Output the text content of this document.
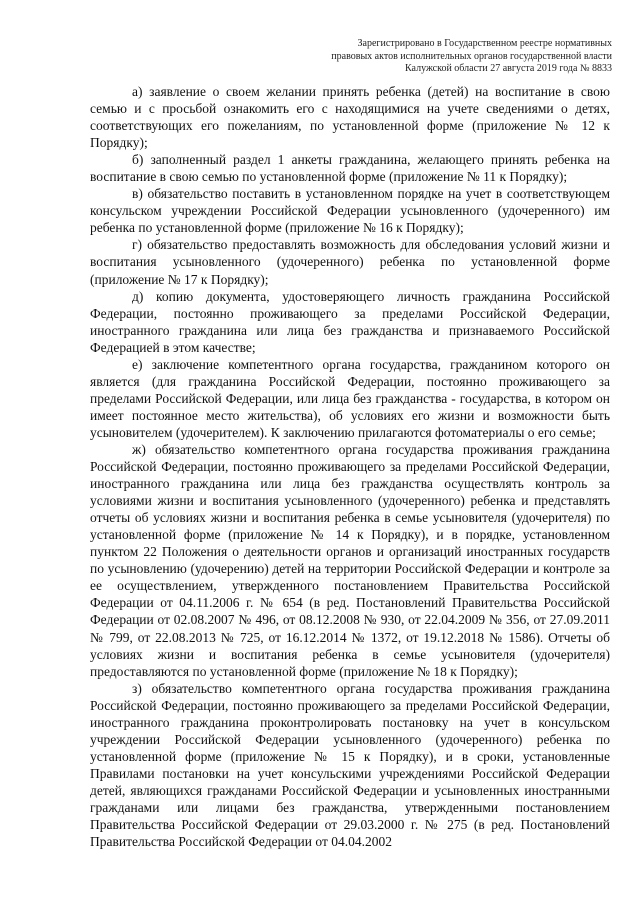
Зарегистрировано в Государственном реестре нормативных
правовых актов исполнительных органов государственной власти
Калужской области 27 августа 2019 года № 8833

а) заявление о своем желании принять ребенка (детей) на воспитание в свою семью и с просьбой ознакомить его с находящимися на учете сведениями о детях, соответствующих его пожеланиям, по установленной форме (приложение № 12 к Порядку);

б) заполненный раздел 1 анкеты гражданина, желающего принять ребенка на воспитание в свою семью по установленной форме (приложение № 11 к Порядку);

в) обязательство поставить в установленном порядке на учет в соответствующем консульском учреждении Российской Федерации усыновленного (удочеренного) им ребенка по установленной форме (приложение № 16 к Порядку);

г) обязательство предоставлять возможность для обследования условий жизни и воспитания усыновленного (удочеренного) ребенка по установленной форме (приложение № 17 к Порядку);

д) копию документа, удостоверяющего личность гражданина Российской Федерации, постоянно проживающего за пределами Российской Федерации, иностранного гражданина или лица без гражданства и признаваемого Российской Федерацией в этом качестве;

е) заключение компетентного органа государства, гражданином которого он является (для гражданина Российской Федерации, постоянно проживающего за пределами Российской Федерации, или лица без гражданства - государства, в котором он имеет постоянное место жительства), об условиях его жизни и возможности быть усыновителем (удочерителем). К заключению прилагаются фотоматериалы о его семье;

ж) обязательство компетентного органа государства проживания гражданина Российской Федерации, постоянно проживающего за пределами Российской Федерации, иностранного гражданина или лица без гражданства осуществлять контроль за условиями жизни и воспитания усыновленного (удочеренного) ребенка и представлять отчеты об условиях жизни и воспитания ребенка в семье усыновителя (удочерителя) по установленной форме (приложение № 14 к Порядку), и в порядке, установленном пунктом 22 Положения о деятельности органов и организаций иностранных государств по усыновлению (удочерению) детей на территории Российской Федерации и контроле за ее осуществлением, утвержденного постановлением Правительства Российской Федерации от 04.11.2006 г. № 654 (в ред. Постановлений Правительства Российской Федерации от 02.08.2007 № 496, от 08.12.2008 № 930, от 22.04.2009 № 356, от 27.09.2011 № 799, от 22.08.2013 № 725, от 16.12.2014 № 1372, от 19.12.2018 № 1586). Отчеты об условиях жизни и воспитания ребенка в семье усыновителя (удочерителя) предоставляются по установленной форме (приложение № 18 к Порядку);

з) обязательство компетентного органа государства проживания гражданина Российской Федерации, постоянно проживающего за пределами Российской Федерации, иностранного гражданина проконтролировать постановку на учет в консульском учреждении Российской Федерации усыновленного (удочеренного) ребенка по установленной форме (приложение № 15 к Порядку), и в сроки, установленные Правилами постановки на учет консульскими учреждениями Российской Федерации детей, являющихся гражданами Российской Федерации и усыновленных иностранными гражданами или лицами без гражданства, утвержденными постановлением Правительства Российской Федерации от 29.03.2000 г. № 275 (в ред. Постановлений Правительства Российской Федерации от 04.04.2002
